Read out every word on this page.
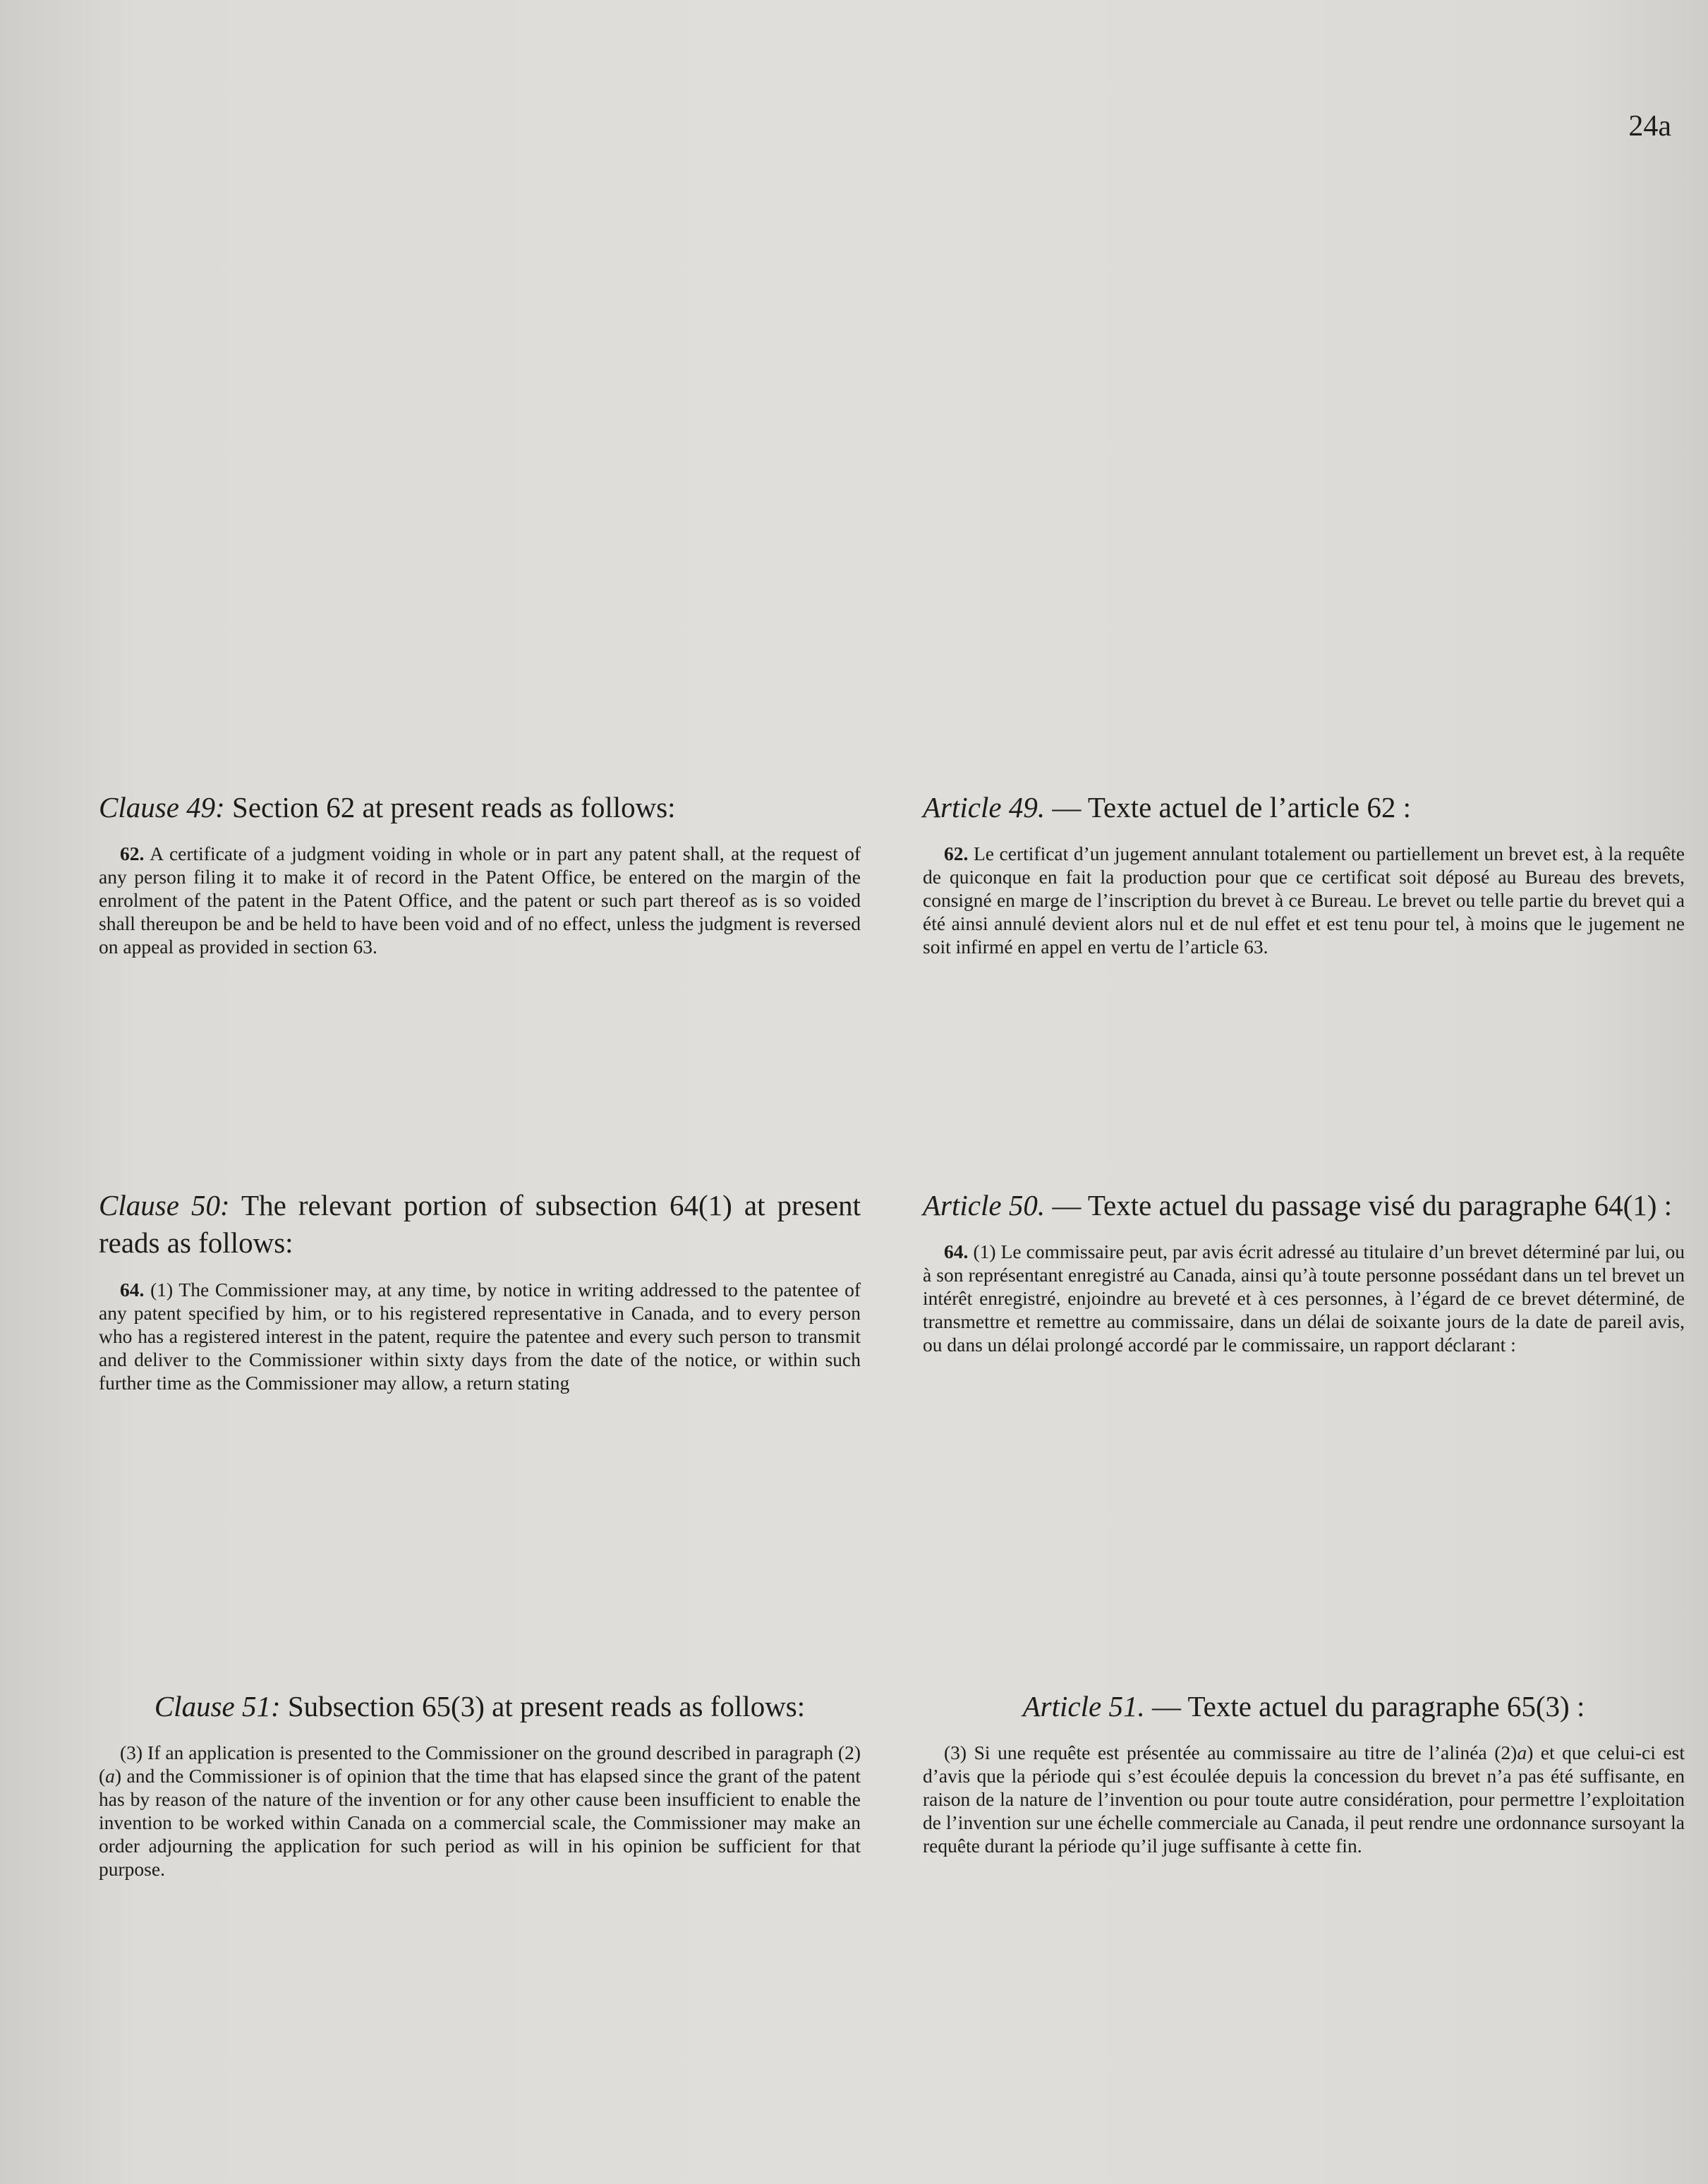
24a

Clause 49: Section 62 at present reads as follows:

62. A certificate of a judgment voiding in whole or in part any patent shall, at the request of any person filing it to make it of record in the Patent Office, be entered on the margin of the enrolment of the patent in the Patent Office, and the patent or such part thereof as is so voided shall thereupon be and be held to have been void and of no effect, unless the judgment is reversed on appeal as provided in section 63.

Article 49. — Texte actuel de l’article 62 :

62. Le certificat d’un jugement annulant totalement ou partiellement un brevet est, à la requête de quiconque en fait la production pour que ce certificat soit déposé au Bureau des brevets, consigné en marge de l’inscription du brevet à ce Bureau. Le brevet ou telle partie du brevet qui a été ainsi annulé devient alors nul et de nul effet et est tenu pour tel, à moins que le jugement ne soit infirmé en appel en vertu de l’article 63.

Clause 50: The relevant portion of subsection 64(1) at present reads as follows:

64. (1) The Commissioner may, at any time, by notice in writing addressed to the patentee of any patent specified by him, or to his registered representative in Canada, and to every person who has a registered interest in the patent, require the patentee and every such person to transmit and deliver to the Commissioner within sixty days from the date of the notice, or within such further time as the Commissioner may allow, a return stating

Article 50. — Texte actuel du passage visé du paragraphe 64(1) :

64. (1) Le commissaire peut, par avis écrit adressé au titulaire d’un brevet déterminé par lui, ou à son représentant enregistré au Canada, ainsi qu’à toute personne possédant dans un tel brevet un intérêt enregistré, enjoindre au breveté et à ces personnes, à l’égard de ce brevet déterminé, de transmettre et remettre au commissaire, dans un délai de soixante jours de la date de pareil avis, ou dans un délai prolongé accordé par le commissaire, un rapport déclarant :

Clause 51: Subsection 65(3) at present reads as follows:

(3) If an application is presented to the Commissioner on the ground described in paragraph (2)(a) and the Commissioner is of opinion that the time that has elapsed since the grant of the patent has by reason of the nature of the invention or for any other cause been insufficient to enable the invention to be worked within Canada on a commercial scale, the Commissioner may make an order adjourning the application for such period as will in his opinion be sufficient for that purpose.

Article 51. — Texte actuel du paragraphe 65(3) :

(3) Si une requête est présentée au commissaire au titre de l’alinéa (2)a) et que celui-ci est d’avis que la période qui s’est écoulée depuis la concession du brevet n’a pas été suffisante, en raison de la nature de l’invention ou pour toute autre considération, pour permettre l’exploitation de l’invention sur une échelle commerciale au Canada, il peut rendre une ordonnance sursoyant la requête durant la période qu’il juge suffisante à cette fin.
